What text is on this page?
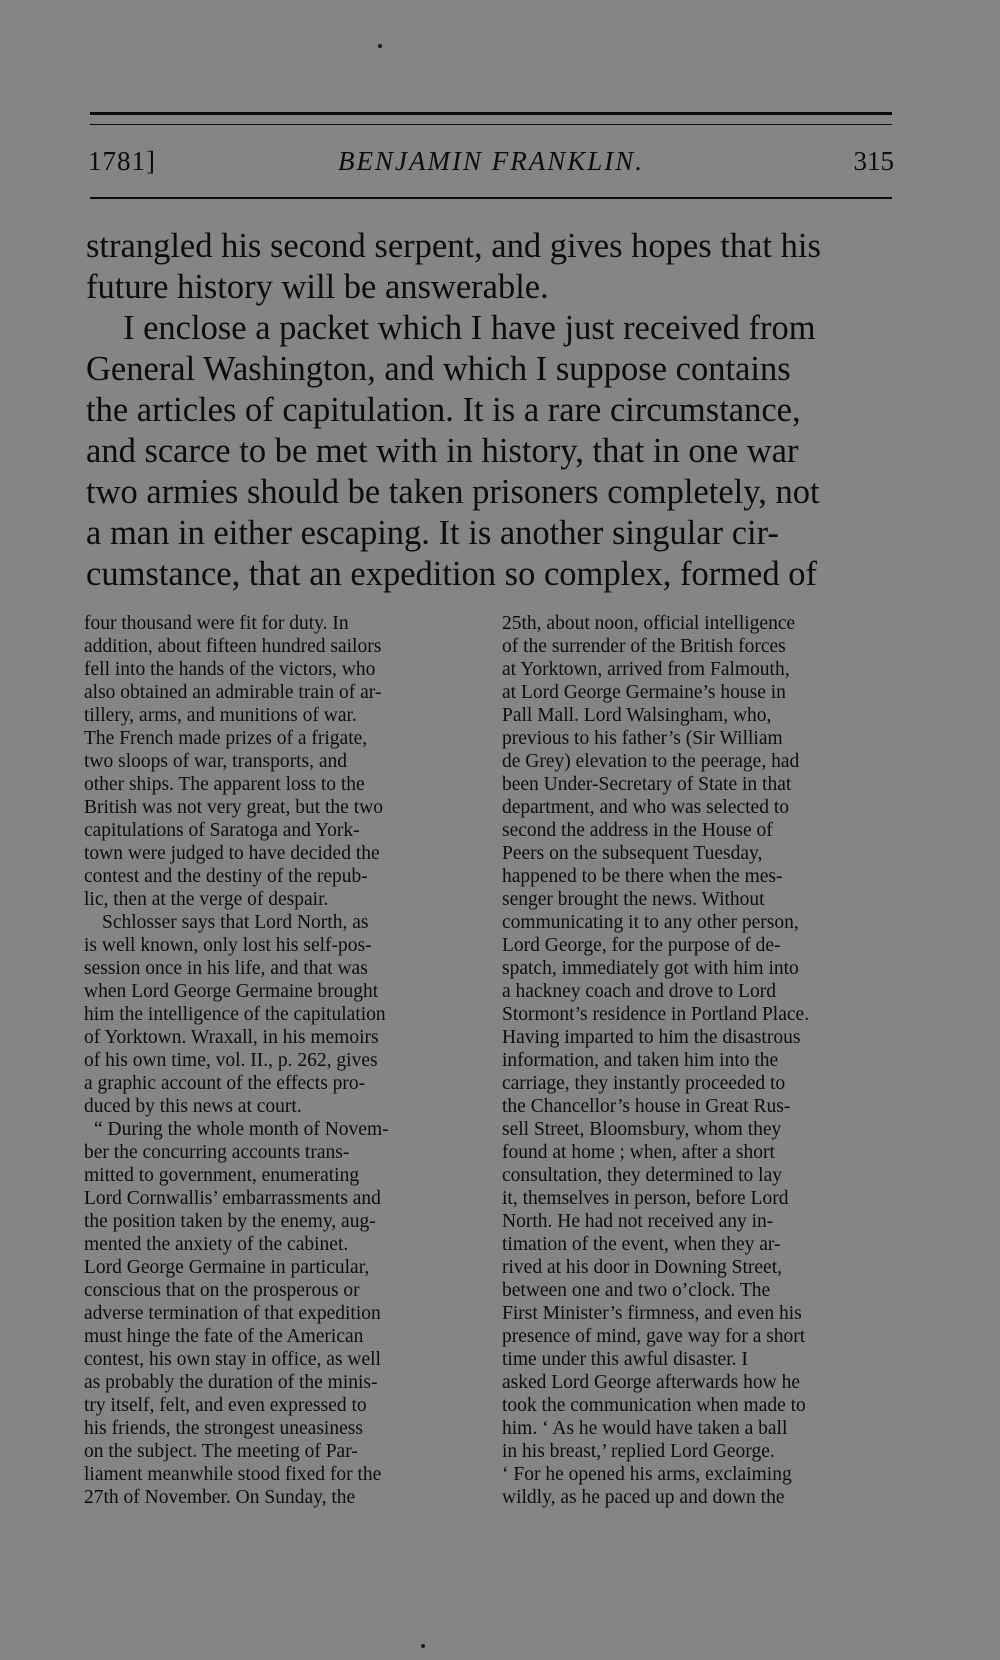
1781]	BENJAMIN FRANKLIN.	315
strangled his second serpent, and gives hopes that his
future history will be answerable.
I enclose a packet which I have just received from
General Washington, and which I suppose contains
the articles of capitulation. It is a rare circumstance,
and scarce to be met with in history, that in one war
two armies should be taken prisoners completely, not
a man in either escaping. It is another singular cir-
cumstance, that an expedition so complex, formed of
four thousand were fit for duty. In
addition, about fifteen hundred sailors
fell into the hands of the victors, who
also obtained an admirable train of ar-
tillery, arms, and munitions of war.
The French made prizes of a frigate,
two sloops of war, transports, and
other ships. The apparent loss to the
British was not very great, but the two
capitulations of Saratoga and York-
town were judged to have decided the
contest and the destiny of the repub-
lic, then at the verge of despair.
Schlosser says that Lord North, as
is well known, only lost his self-pos-
session once in his life, and that was
when Lord George Germaine brought
him the intelligence of the capitulation
of Yorktown. Wraxall, in his memoirs
of his own time, vol. II., p. 262, gives
a graphic account of the effects pro-
duced by this news at court.
“ During the whole month of Novem-
ber the concurring accounts trans-
mitted to government, enumerating
Lord Cornwallis’ embarrassments and
the position taken by the enemy, aug-
mented the anxiety of the cabinet.
Lord George Germaine in particular,
conscious that on the prosperous or
adverse termination of that expedition
must hinge the fate of the American
contest, his own stay in office, as well
as probably the duration of the minis-
try itself, felt, and even expressed to
his friends, the strongest uneasiness
on the subject. The meeting of Par-
liament meanwhile stood fixed for the
27th of November. On Sunday, the
25th, about noon, official intelligence
of the surrender of the British forces
at Yorktown, arrived from Falmouth,
at Lord George Germaine’s house in
Pall Mall. Lord Walsingham, who,
previous to his father’s (Sir William
de Grey) elevation to the peerage, had
been Under-Secretary of State in that
department, and who was selected to
second the address in the House of
Peers on the subsequent Tuesday,
happened to be there when the mes-
senger brought the news. Without
communicating it to any other person,
Lord George, for the purpose of de-
spatch, immediately got with him into
a hackney coach and drove to Lord
Stormont’s residence in Portland Place.
Having imparted to him the disastrous
information, and taken him into the
carriage, they instantly proceeded to
the Chancellor’s house in Great Rus-
sell Street, Bloomsbury, whom they
found at home ; when, after a short
consultation, they determined to lay
it, themselves in person, before Lord
North. He had not received any in-
timation of the event, when they ar-
rived at his door in Downing Street,
between one and two o’clock. The
First Minister’s firmness, and even his
presence of mind, gave way for a short
time under this awful disaster. I
asked Lord George afterwards how he
took the communication when made to
him. ‘ As he would have taken a ball
in his breast,’ replied Lord George.
‘ For he opened his arms, exclaiming
wildly, as he paced up and down the
